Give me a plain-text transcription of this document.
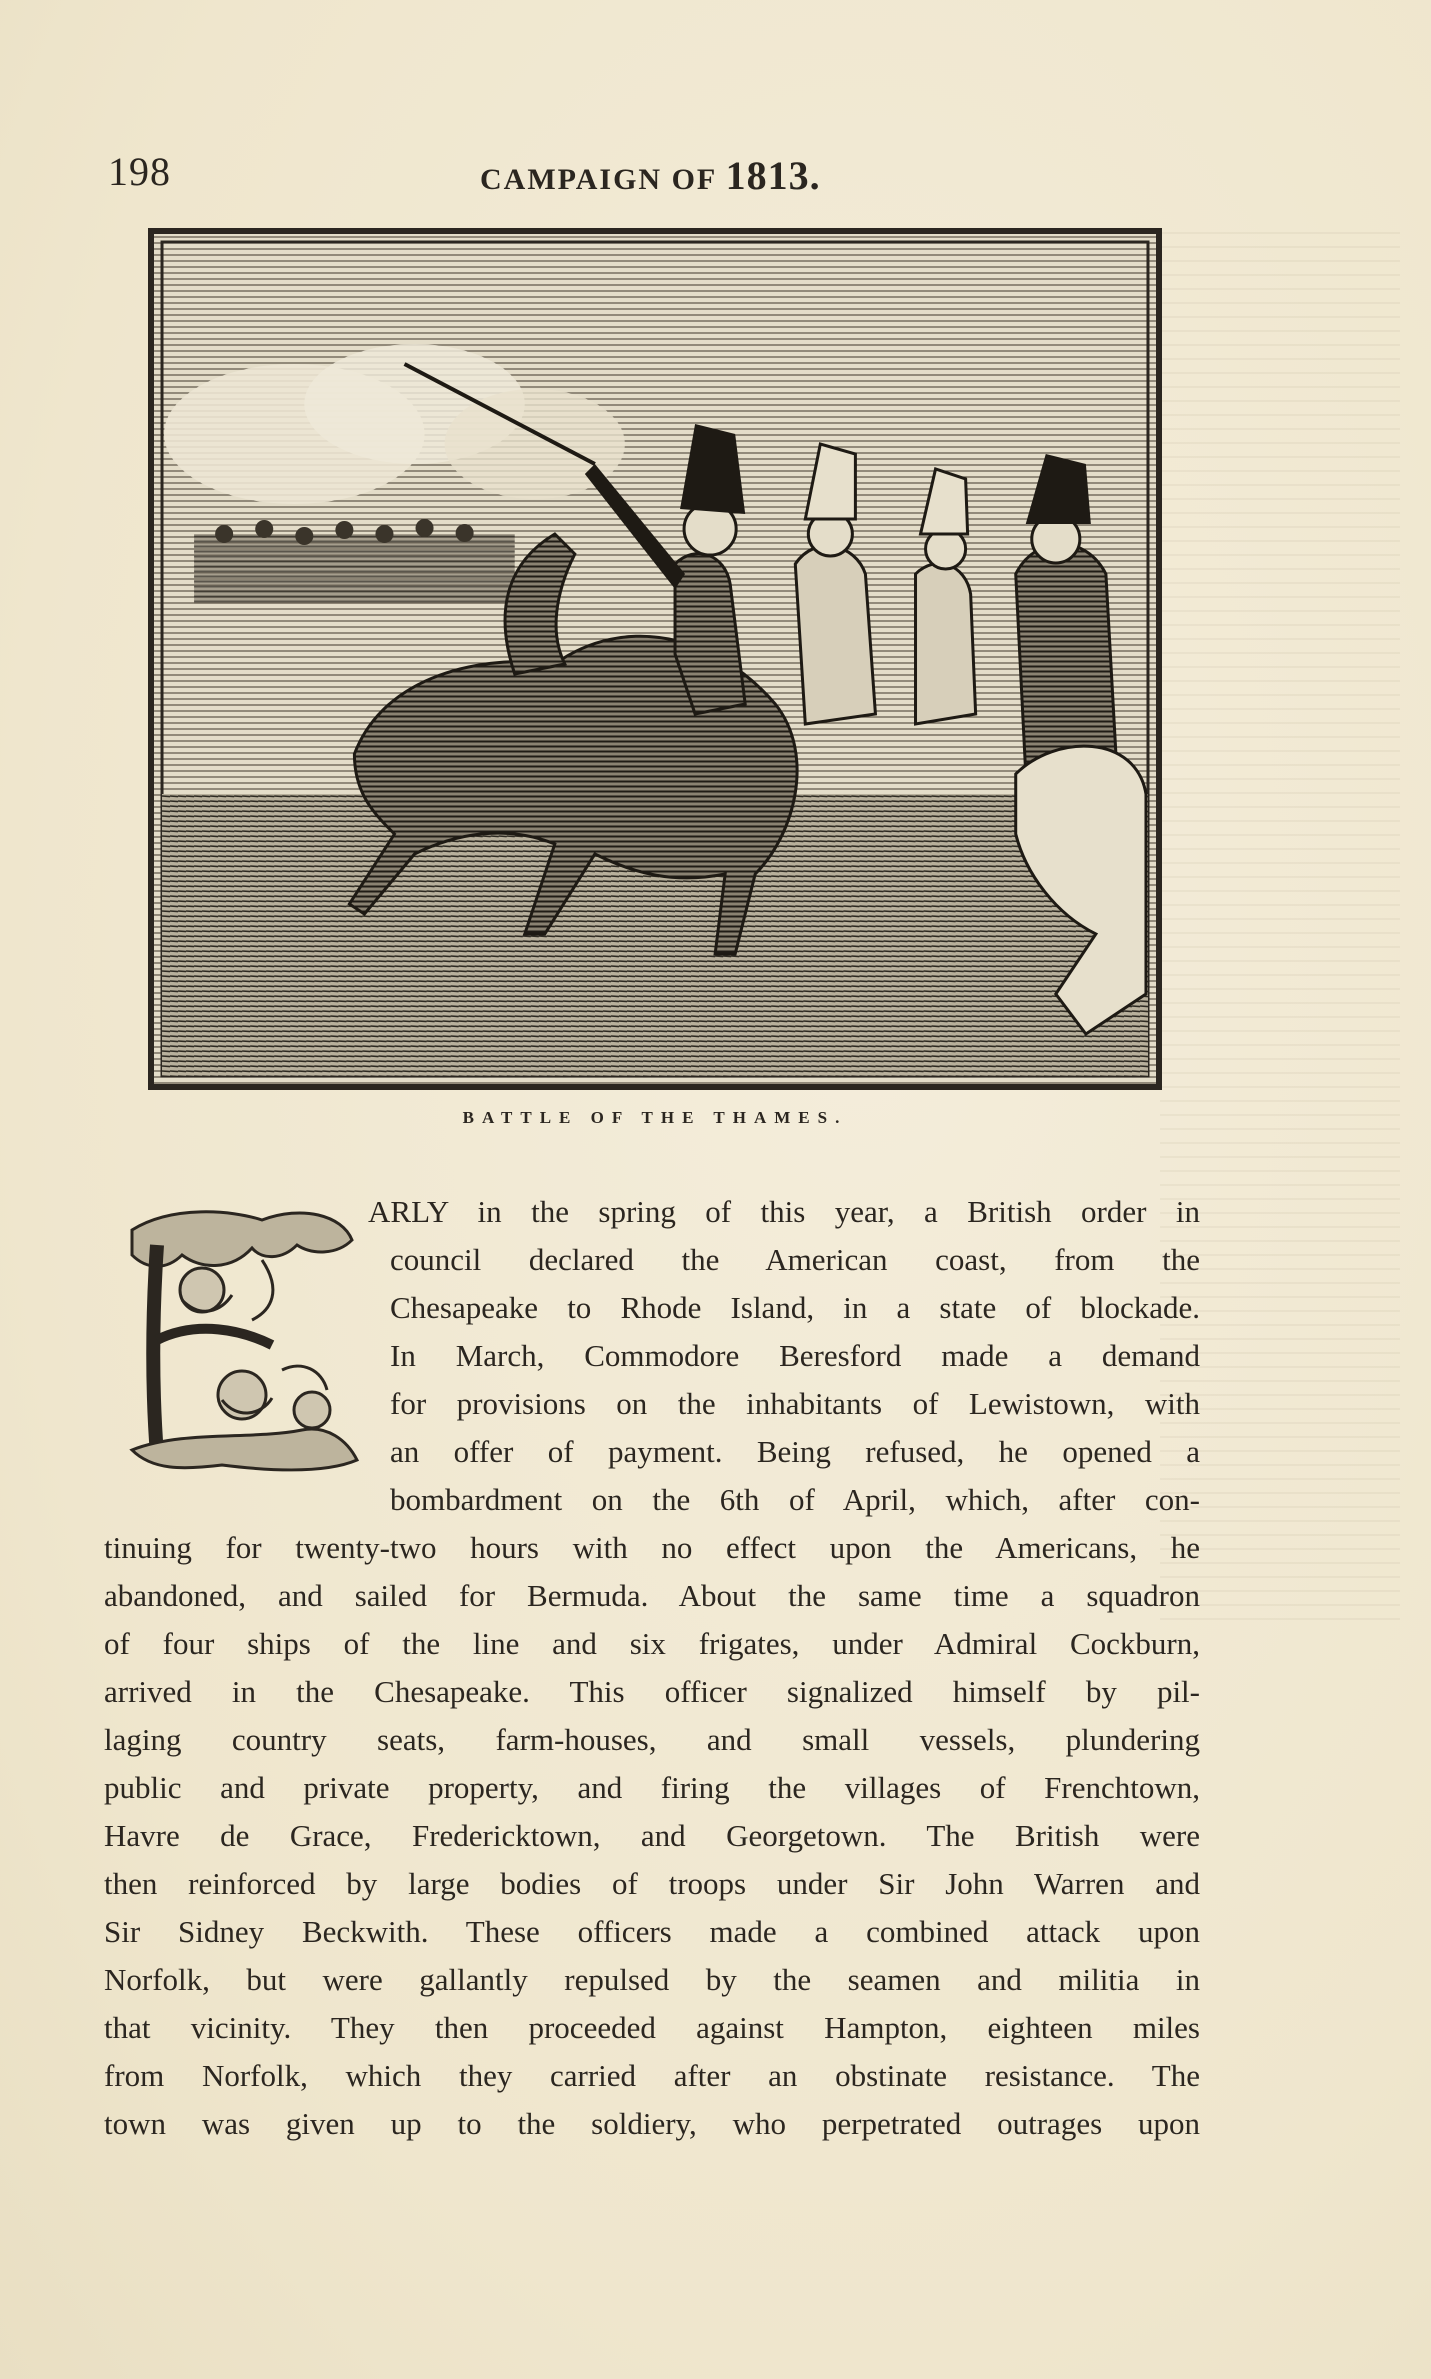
198	CAMPAIGN OF 1813.
BATTLE OF THE THAMES.
ARLY in the spring of this year, a British order in
council declared the American coast, from the
Chesapeake to Rhode Island, in a state of blockade.
In March, Commodore Beresford made a demand
for provisions on the inhabitants of Lewistown, with
an offer of payment. Being refused, he opened a
bombardment on the 6th of April, which, after con-
tinuing for twenty-two hours with no effect upon the Americans, he
abandoned, and sailed for Bermuda. About the same time a squadron
of four ships of the line and six frigates, under Admiral Cockburn,
arrived in the Chesapeake. This officer signalized himself by pil-
laging country seats, farm-houses, and small vessels, plundering
public and private property, and firing the villages of Frenchtown,
Havre de Grace, Fredericktown, and Georgetown. The British were
then reinforced by large bodies of troops under Sir John Warren and
Sir Sidney Beckwith. These officers made a combined attack upon
Norfolk, but were gallantly repulsed by the seamen and militia in
that vicinity. They then proceeded against Hampton, eighteen miles
from Norfolk, which they carried after an obstinate resistance. The
town was given up to the soldiery, who perpetrated outrages upon
